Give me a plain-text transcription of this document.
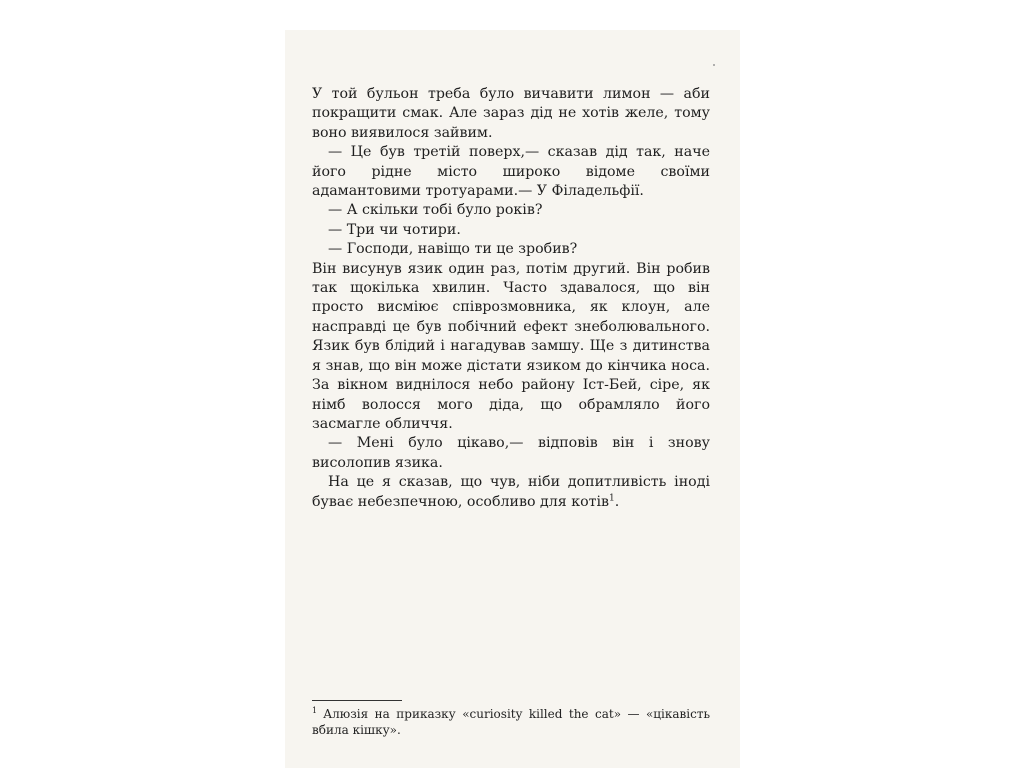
У той бульон треба було вичавити лимон — аби покращити смак. Але зараз дід не хотів желе, тому воно виявилося зайвим.

— Це був третій поверх,— сказав дід так, наче його рідне місто широко відоме своїми адамантовими тротуарами.— У Філадельфії.

— А скільки тобі було років?

— Три чи чотири.

— Господи, навіщо ти це зробив?

Він висунув язик один раз, потім другий. Він робив так щокілька хвилин. Часто здавалося, що він просто висміює співрозмовника, як клоун, але насправді це був побічний ефект знеболювального. Язик був блідий і нагадував замшу. Ще з дитинства я знав, що він може дістати язиком до кінчика носа. За вікном виднілося небо району Іст-Бей, сіре, як німб волосся мого діда, що обрамляло його засмагле обличчя.

— Мені було цікаво,— відповів він і знову висолопив язика.

На це я сказав, що чув, ніби допитливість іноді буває небезпечною, особливо для котів$^1$.

$^1$ Алюзія на приказку «curiosity killed the cat» — «цікавість вбила кішку».
